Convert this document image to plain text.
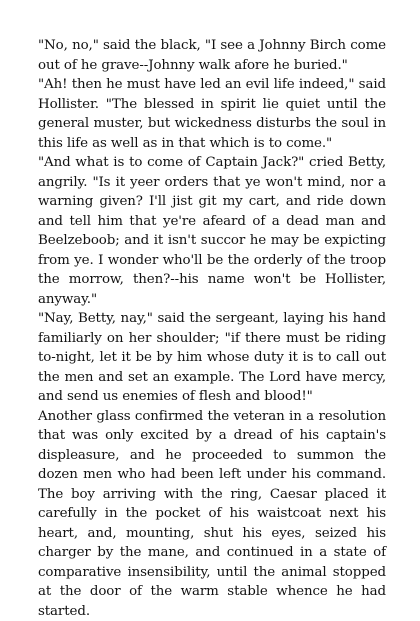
"No, no," said the black, "I see a Johnny Birch come out of he grave--Johnny walk afore he buried."

"Ah! then he must have led an evil life indeed," said Hollister. "The blessed in spirit lie quiet until the general muster, but wickedness disturbs the soul in this life as well as in that which is to come."

"And what is to come of Captain Jack?" cried Betty, angrily. "Is it yeer orders that ye won't mind, nor a warning given? I'll jist git my cart, and ride down and tell him that ye're afeard of a dead man and Beelzeboob; and it isn't succor he may be expicting from ye. I wonder who'll be the orderly of the troop the morrow, then?--his name won't be Hollister, anyway."

"Nay, Betty, nay," said the sergeant, laying his hand familiarly on her shoulder; "if there must be riding to-night, let it be by him whose duty it is to call out the men and set an example. The Lord have mercy, and send us enemies of flesh and blood!"

Another glass confirmed the veteran in a resolution that was only excited by a dread of his captain's displeasure, and he proceeded to summon the dozen men who had been left under his command. The boy arriving with the ring, Caesar placed it carefully in the pocket of his waistcoat next his heart, and, mounting, shut his eyes, seized his charger by the mane, and continued in a state of comparative insensibility, until the animal stopped at the door of the warm stable whence he had started.
